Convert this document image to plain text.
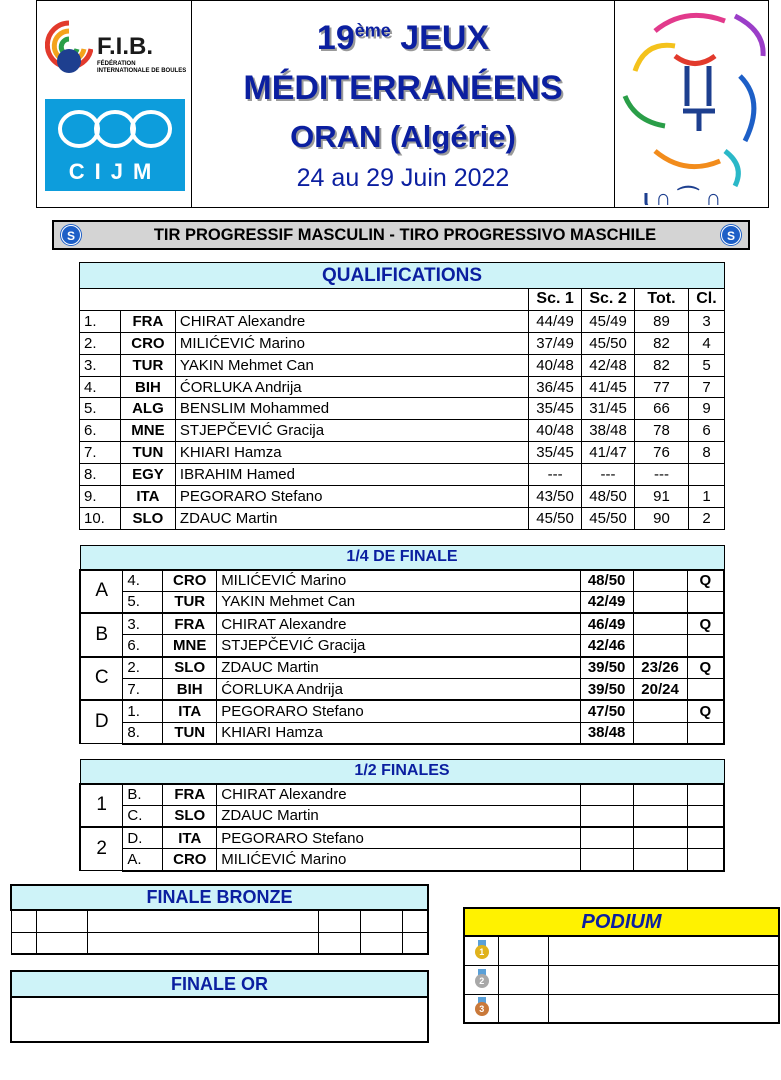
F.I.B.
FÉDÉRATION INTERNATIONALE DE BOULES
CIJM
19ème JEUX
MÉDITERRANÉENS
ORAN (Algérie)
24 au 29 Juin 2022
ι ∩ ⌒ ∩
S	TIR PROGRESSIF MASCULIN - TIRO PROGRESSIVO MASCHILE	S
QUALIFICATIONS						
			Sc. 1	Sc. 2	Tot.	Cl.
1.	FRA	CHIRAT Alexandre	44/49	45/49	89	3
2.	CRO	MILIĆEVIĆ Marino	37/49	45/50	82	4
3.	TUR	YAKIN Mehmet Can	40/48	42/48	82	5
4.	BIH	ĆORLUKA Andrija	36/45	41/45	77	7
5.	ALG	BENSLIM Mohammed	35/45	31/45	66	9
6.	MNE	STJEPČEVIĆ Gracija	40/48	38/48	78	6
7.	TUN	KHIARI Hamza	35/45	41/47	76	8
8.	EGY	IBRAHIM Hamed	---	---	---	
9.	ITA	PEGORARO Stefano	43/50	48/50	91	1
10.	SLO	ZDAUC Martin	45/50	45/50	90	2
1/4 DE FINALE						
A	4.	CRO	MILIĆEVIĆ Marino	48/50		Q
	5.	TUR	YAKIN Mehmet Can	42/49		
B	3.	FRA	CHIRAT Alexandre	46/49		Q
	6.	MNE	STJEPČEVIĆ Gracija	42/46		
C	2.	SLO	ZDAUC Martin	39/50	23/26	Q
	7.	BIH	ĆORLUKA Andrija	39/50	20/24	
D	1.	ITA	PEGORARO Stefano	47/50		Q
	8.	TUN	KHIARI Hamza	38/48		
1/2 FINALES						
1	B.	FRA	CHIRAT Alexandre			
	C.	SLO	ZDAUC Martin			
2	D.	ITA	PEGORARO Stefano			
	A.	CRO	MILIĆEVIĆ Marino			
FINALE BRONZE					

FINALE OR

PODIUM		

1		

2		

3		
